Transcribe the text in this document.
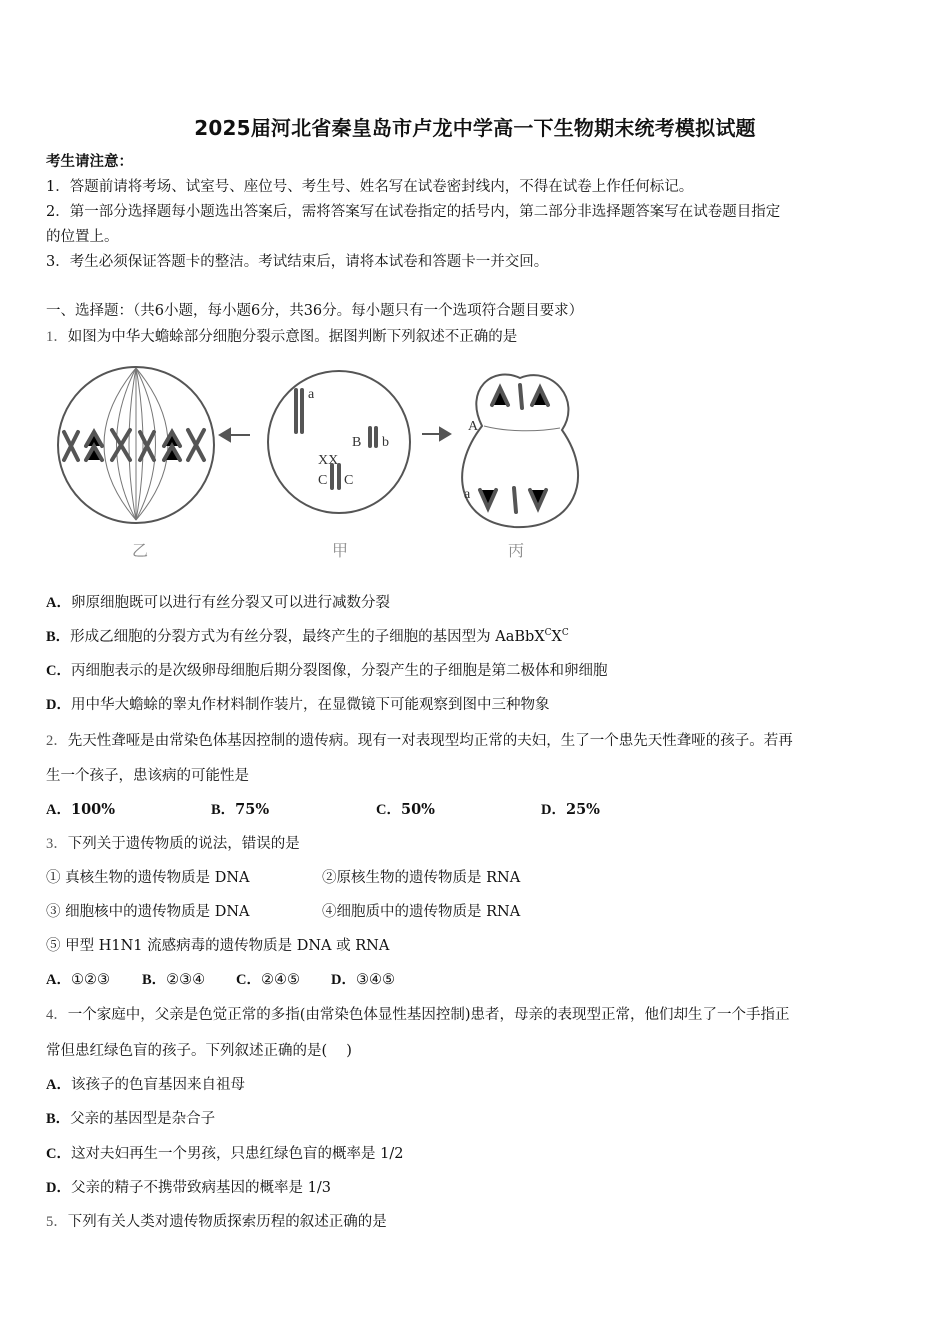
2025届河北省秦皇岛市卢龙中学高一下生物期末统考模拟试题
考生请注意：
1．答题前请将考场、试室号、座位号、考生号、姓名写在试卷密封线内，不得在试卷上作任何标记。
2．第一部分选择题每小题选出答案后，需将答案写在试卷指定的括号内，第二部分非选择题答案写在试卷题目指定
的位置上。
3．考生必须保证答题卡的整洁。考试结束后，请将本试卷和答题卡一并交回。
一、选择题：（共6小题，每小题6分，共36分。每小题只有一个选项符合题目要求）
1．如图为中华大蟾蜍部分细胞分裂示意图。据图判断下列叙述不正确的是
a
B b
C C
XX
A
a
乙	甲	丙
A．卵原细胞既可以进行有丝分裂又可以进行减数分裂
B．形成乙细胞的分裂方式为有丝分裂，最终产生的子细胞的基因型为 $AaBbX^CX^C$
C．丙细胞表示的是次级卵母细胞后期分裂图像，分裂产生的子细胞是第二极体和卵细胞
D．用中华大蟾蜍的睾丸作材料制作装片，在显微镜下可能观察到图中三种物象
2．先天性聋哑是由常染色体基因控制的遗传病。现有一对表现型均正常的夫妇，生了一个患先天性聋哑的孩子。若再
生一个孩子，患该病的可能性是
A．100%	B．75%	C．50%	D．25%
3．下列关于遗传物质的说法，错误的是
① 真核生物的遗传物质是 DNA	②原核生物的遗传物质是 RNA
③ 细胞核中的遗传物质是 DNA	④细胞质中的遗传物质是 RNA
⑤ 甲型 H1N1 流感病毒的遗传物质是 DNA 或 RNA
A．①②③ B．②③④ C．②④⑤ D．③④⑤
4．一个家庭中，父亲是色觉正常的多指(由常染色体显性基因控制)患者，母亲的表现型正常，他们却生了一个手指正
常但患红绿色盲的孩子。下列叙述正确的是(　 )
A．该孩子的色盲基因来自祖母
B．父亲的基因型是杂合子
C．这对夫妇再生一个男孩，只患红绿色盲的概率是 1/2
D．父亲的精子不携带致病基因的概率是 1/3
5．下列有关人类对遗传物质探索历程的叙述正确的是
